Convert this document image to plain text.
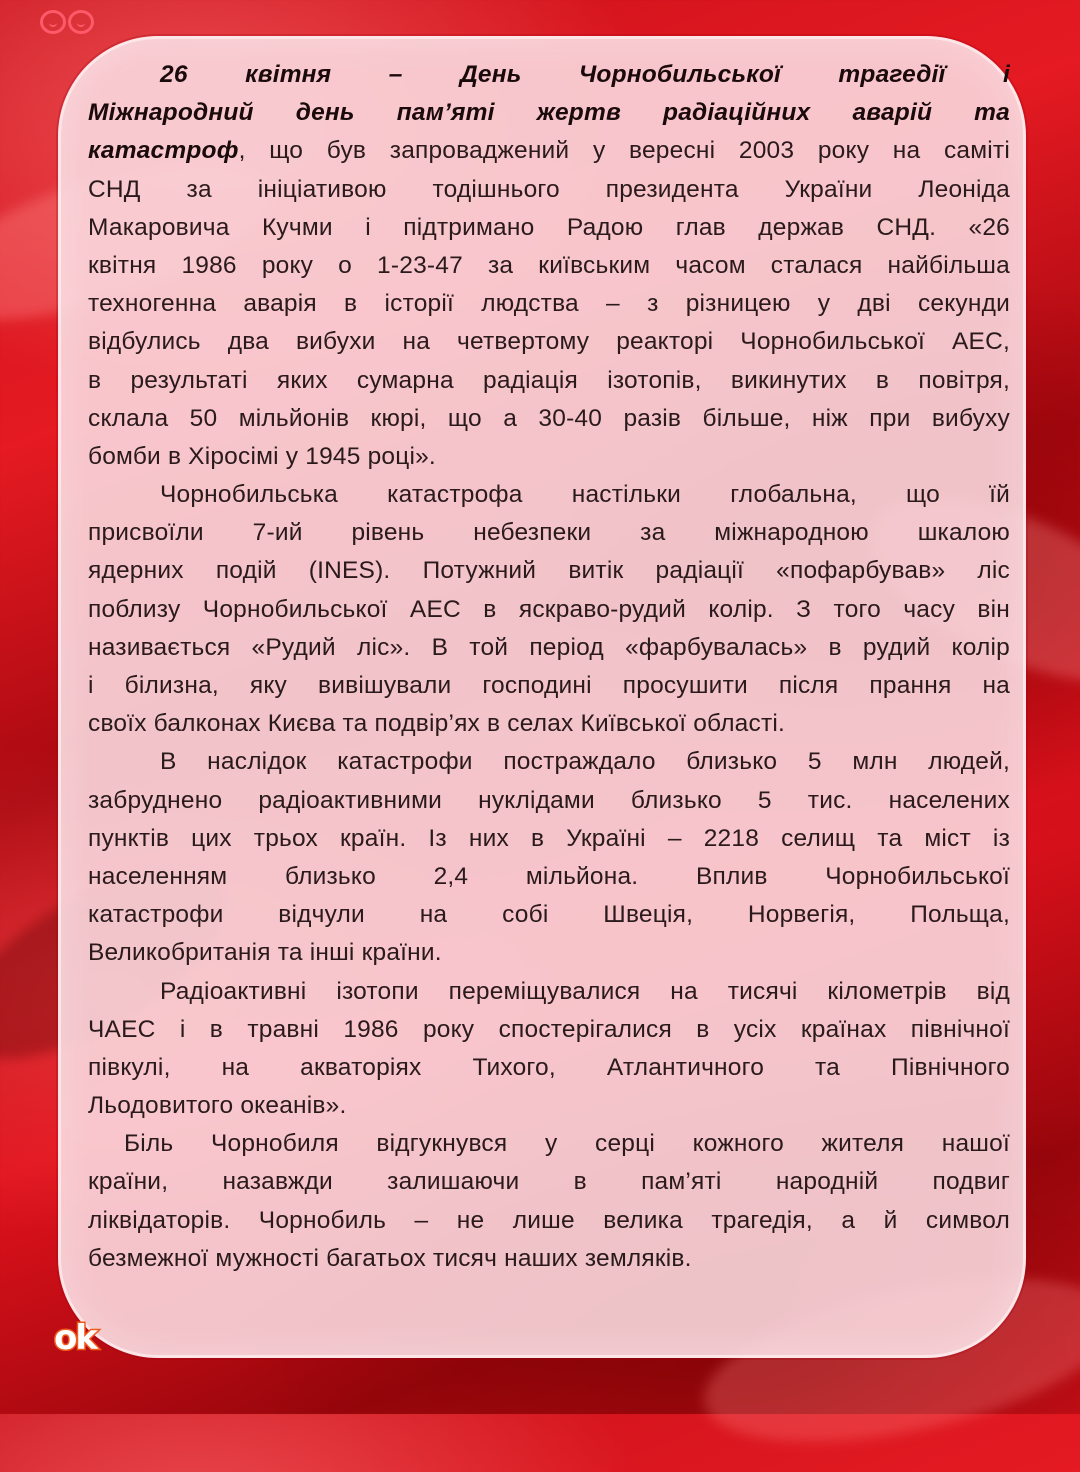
26 квітня – День Чорнобильської трагедії і
Міжнародний день пам’яті жертв радіаційних аварій та
катастроф, що був запроваджений у вересні 2003 року на саміті
СНД за ініціативою тодішнього президента України Леоніда
Макаровича Кучми і підтримано Радою глав держав СНД. «26
квітня 1986 року о 1-23-47 за київським часом сталася найбільша
техногенна аварія в історії людства – з різницею у дві секунди
відбулись два вибухи на четвертому реакторі Чорнобильської АЕС,
в результаті яких сумарна радіація ізотопів, викинутих в повітря,
склала 50 мільйонів кюрі, що а 30-40 разів більше, ніж при вибуху
бомби в Хіросімі у 1945 році».
Чорнобильська катастрофа настільки глобальна, що їй
присвоїли 7-ий рівень небезпеки за міжнародною шкалою
ядерних подій (INES). Потужний витік радіації «пофарбував» ліс
поблизу Чорнобильської АЕС в яскраво-рудий колір. З того часу він
називається «Рудий ліс». В той період «фарбувалась» в рудий колір
і білизна, яку вивішували господині просушити після прання на
своїх балконах Києва та подвір’ях в селах Київської області.
В наслідок катастрофи постраждало близько 5 млн людей,
забруднено радіоактивними нуклідами близько 5 тис. населених
пунктів цих трьох країн. Із них в Україні – 2218 селищ та міст із
населенням близько 2,4 мільйона. Вплив Чорнобильської
катастрофи відчули на собі Швеція, Норвегія, Польща,
Великобританія та інші країни.
Радіоактивні ізотопи переміщувалися на тисячі кілометрів від
ЧАЕС і в травні 1986 року спостерігалися в усіх країнах північної
півкулі, на акваторіях Тихого, Атлантичного та Північного
Льодовитого океанів».
Біль Чорнобиля відгукнувся у серці кожного жителя нашої
країни, назавжди залишаючи в пам’яті народній подвиг
ліквідаторів. Чорнобиль – не лише велика трагедія, а й символ
безмежної мужності багатьох тисяч наших земляків.
ok
